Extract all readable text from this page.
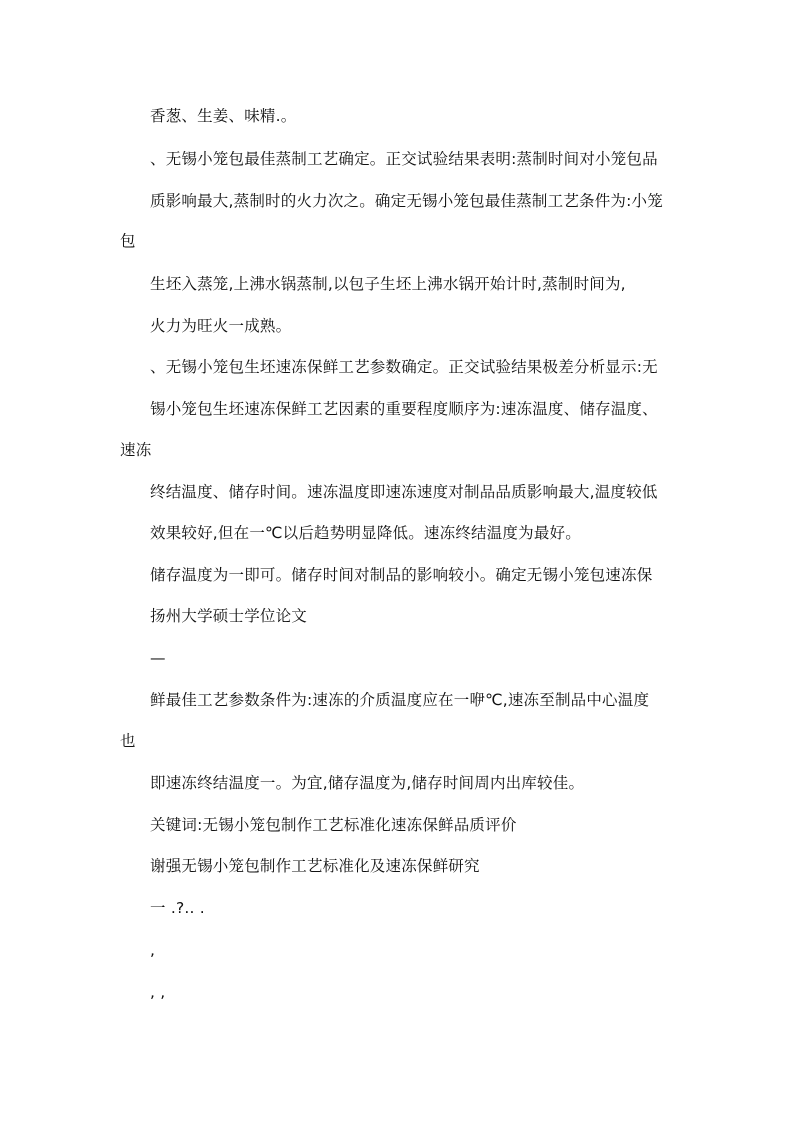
香葱、生姜、味精.。
、无锡小笼包最佳蒸制工艺确定。正交试验结果表明:蒸制时间对小笼包品
质影响最大,蒸制时的火力次之。确定无锡小笼包最佳蒸制工艺条件为:小笼
包
生坯入蒸笼,上沸水锅蒸制,以包子生坯上沸水锅开始计时,蒸制时间为,
火力为旺火一成熟。
、无锡小笼包生坯速冻保鲜工艺参数确定。正交试验结果极差分析显示:无
锡小笼包生坯速冻保鲜工艺因素的重要程度顺序为:速冻温度、储存温度、
速冻
终结温度、储存时间。速冻温度即速冻速度对制品品质影响最大,温度较低
效果较好,但在一℃以后趋势明显降低。速冻终结温度为最好。
储存温度为一即可。储存时间对制品的影响较小。确定无锡小笼包速冻保
扬州大学硕士学位论文
—
鲜最佳工艺参数条件为:速冻的介质温度应在一咿℃,速冻至制品中心温度
也
即速冻终结温度一。为宜,储存温度为,储存时间周内出库较佳。
关键词:无锡小笼包制作工艺标准化速冻保鲜品质评价
谢强无锡小笼包制作工艺标准化及速冻保鲜研究
一 .?.. .
,
, ,
